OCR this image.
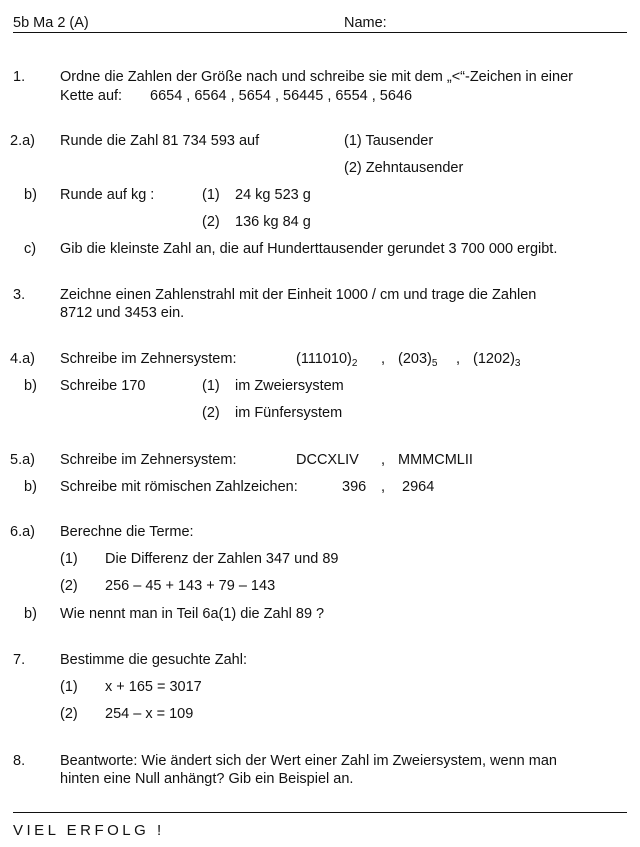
5b Ma 2 (A)	Name:
1. Ordne die Zahlen der Größe nach und schreibe sie mit dem „<“-Zeichen in einer
Kette auf: 6654 , 6564 , 5654 , 56445 , 6554 , 5646
2.a) Runde die Zahl 81 734 593 auf	(1) Tausender
(2) Zehntausender
b) Runde auf kg :	(1) 24 kg 523 g
(2) 136 kg 84 g
c) Gib die kleinste Zahl an, die auf Hunderttausender gerundet 3 700 000 ergibt.
3. Zeichne einen Zahlenstrahl mit der Einheit 1000 / cm und trage die Zahlen
8712 und 3453 ein.
4.a) Schreibe im Zehnersystem:	$(111010)_2$ , $(203)_5$ , $(1202)_3$
b) Schreibe 170	(1) im Zweiersystem
(2) im Fünfersystem
5.a) Schreibe im Zehnersystem:	DCCXLIV , MMMCMLII
b) Schreibe mit römischen Zahlzeichen:	396 , 2964
6.a) Berechne die Terme:
(1) Die Differenz der Zahlen 347 und 89
(2) 256 – 45 + 143 + 79 – 143
b) Wie nennt man in Teil 6a(1) die Zahl 89 ?
7. Bestimme die gesuchte Zahl:
(1) x + 165 = 3017
(2) 254 – x = 109
8. Beantworte: Wie ändert sich der Wert einer Zahl im Zweiersystem, wenn man
hinten eine Null anhängt? Gib ein Beispiel an.
VIEL ERFOLG !
